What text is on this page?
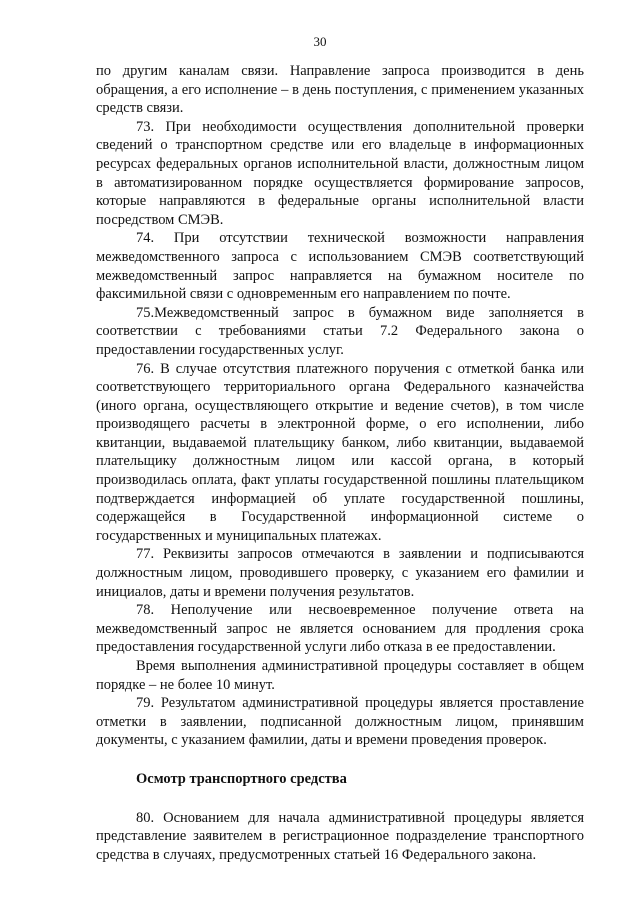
30

по другим каналам связи. Направление запроса производится в день обращения, а его исполнение – в день поступления, с применением указанных средств связи.

73. При необходимости осуществления дополнительной проверки сведений о транспортном средстве или его владельце в информационных ресурсах федеральных органов исполнительной власти, должностным лицом в автоматизированном порядке осуществляется формирование запросов, которые направляются в федеральные органы исполнительной власти посредством СМЭВ.

74. При отсутствии технической возможности направления межведомственного запроса с использованием СМЭВ соответствующий межведомственный запрос направляется на бумажном носителе по факсимильной связи с одновременным его направлением по почте.

75.Межведомственный запрос в бумажном виде заполняется в соответствии с требованиями статьи 7.2 Федерального закона о предоставлении государственных услуг.

76. В случае отсутствия платежного поручения с отметкой банка или соответствующего территориального органа Федерального казначейства (иного органа, осуществляющего открытие и ведение счетов), в том числе производящего расчеты в электронной форме, о его исполнении, либо квитанции, выдаваемой плательщику банком, либо квитанции, выдаваемой плательщику должностным лицом или кассой органа, в который производилась оплата, факт уплаты государственной пошлины плательщиком подтверждается информацией об уплате государственной пошлины, содержащейся в Государственной информационной системе о государственных и муниципальных платежах.

77. Реквизиты запросов отмечаются в заявлении и подписываются должностным лицом, проводившего проверку, с указанием его фамилии и инициалов, даты и времени получения результатов.

78. Неполучение или несвоевременное получение ответа на межведомственный запрос не является основанием для продления срока предоставления государственной услуги либо отказа в ее предоставлении.

Время выполнения административной процедуры составляет в общем порядке – не более 10 минут.

79. Результатом административной процедуры является проставление отметки в заявлении, подписанной должностным лицом, принявшим документы, с указанием фамилии, даты и времени проведения проверок.

Осмотр транспортного средства

80. Основанием для начала административной процедуры является представление заявителем в регистрационное подразделение транспортного средства в случаях, предусмотренных статьей 16 Федерального закона.
